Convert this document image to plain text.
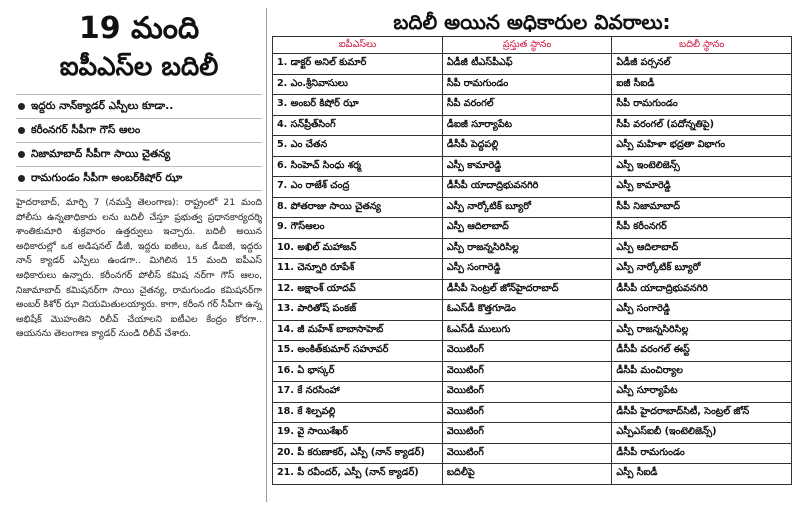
19 మంది
ఐపీఎస్‌ల బదిలీ
ఇద్దరు నాన్‌క్యాడర్ ఎస్పీలు కూడా..
కరీంనగర్ సీపీగా గౌస్ ఆలం
నిజామాబాద్ సీపీగా సాయి చైతన్య
రామగుండం సీపీగా అంబర్‌కిషోర్ ఝా
హైదరాబాద్, మార్చి 7 (నమస్తే తెలంగాణ): రాష్ట్రంలో 21 మంది పోలీసు ఉన్నతాధికారు లను బదిలీ చేస్తూ ప్రభుత్వ ప్రధానకార్యదర్శి శాంతికుమారి శుక్రవారం ఉత్తర్వులు ఇచ్చారు. బదిలీ అయిన అధికారుల్లో ఒక అడిషనల్ డీజీ, ఇద్దరు ఐజీలు, ఒక డీఐజీ, ఇద్దరు నాన్ క్యాడర్ ఎస్పీలు ఉండగా.. మిగిలిన 15 మంది ఐపీఎస్ అధికారులు ఉన్నారు. కరీంనగర్ పోలీస్ కమిష నర్‌గా గౌస్ ఆలం, నిజామాబాద్ కమిషనర్‌గా సాయి చైతన్య, రామగుండం కమిషనర్‌గా అంబర్ కిశోర్ ఝా నియమితులయ్యారు. కాగా, కరీంన గర్ సీపీగా ఉన్న అభిషేక్ మొహంతిని రిలీవ్ చేయాలని ఐటీఎల కేంద్రం కోరగా.. ఆయనను తెలంగాణ క్యాడర్ నుండి రిలీవ్ చేశారు.
బదిలీ అయిన అధికారుల వివరాలు:
ఐపీఎస్‌లు	ప్రస్తుత స్థానం	బదిలీ స్థానం
1. డాక్టర్ అనిల్ కుమార్	ఏడీజీ టీఎస్‌పీఎఫ్	ఏడీజీ పర్సనల్
2. ఎం.శ్రీనివాసులు	సీపీ రామగుండం	ఐజీ సీఐడీ
3. అంబర్ కిషోర్ ఝా	సీపీ వరంగల్	సీపీ రామగుండం
4. సన్‌ప్రీత్‌సింగ్	డీఐజీ సూర్యాపేట	సీపీ వరంగల్ (పదోన్నతిపై)
5. ఎం చేతన	డీసీపీ పెద్దపల్లి	ఎస్పీ మహిళా భద్రతా విభాగం
6. సింహెచ్ సింధు శర్మ	ఎస్పీ కామారెడ్డి	ఎస్పీ ఇంటెలిజెన్స్
7. ఎం రాజేశ్ చంద్ర	డీసీపీ యాదాద్రిభువనగిరి	ఎస్పీ కామారెడ్డి
8. పోతరాజు సాయి చైతన్య	ఎస్పీ నార్కోటిక్ బ్యూరో	సీపీ నిజామాబాద్
9. గౌస్‌ఆలం	ఎస్పీ ఆదిలాబాద్	సీపీ కరీంనగర్
10. అఖిల్ మహాజన్	ఎస్పీ రాజన్నసిరిసిల్ల	ఎస్పీ ఆదిలాబాద్
11. చెన్నూరి రూపేశ్	ఎస్పీ సంగారెడ్డి	ఎస్పీ నార్కోటిక్ బ్యూరో
12. అక్షాంశ్ యాదవ్	డీసీపీ సెంట్రల్ జోన్‌హైదరాబాద్	డీసీపీ యాదాద్రిభువనగిరి
13. పారితోష్ పంకజ్	ఓఎస్‌డీ కొత్తగూడెం	ఎస్పీ సంగారెడ్డి
14. జీ మహేశ్ బాబాసాహెబ్	ఓఎస్‌డీ ములుగు	ఎస్పీ రాజన్నసిరిసిల్ల
15. అంకిత్‌కుమార్ సహూవర్	వెయిటింగ్	డీసీపీ వరంగల్ ఈస్ట్
16. ఏ భాస్కర్	వెయిటింగ్	డీసీపీ మంచిర్యాల
17. కే నరసింహా	వెయిటింగ్	ఎస్పీ సూర్యాపేట
18. కే శిల్పవల్లి	వెయిటింగ్	డీసీపీ హైదరాబాద్‌సిటీ, సెంట్రల్ జోన్
19. వై సాయిశేఖర్	వెయిటింగ్	ఎస్పీఎస్‌ఐబీ (ఇంటెలిజెన్స్)
20. పీ కరుణాకర్, ఎస్పీ (నాన్ క్యాడర్)	వెయిటింగ్	డీసీపీ రామగుండం
21. పీ రవీందర్, ఎస్పీ (నాన్ క్యాడర్)	బదిలీపై	ఎస్పీ సీఐడీ
